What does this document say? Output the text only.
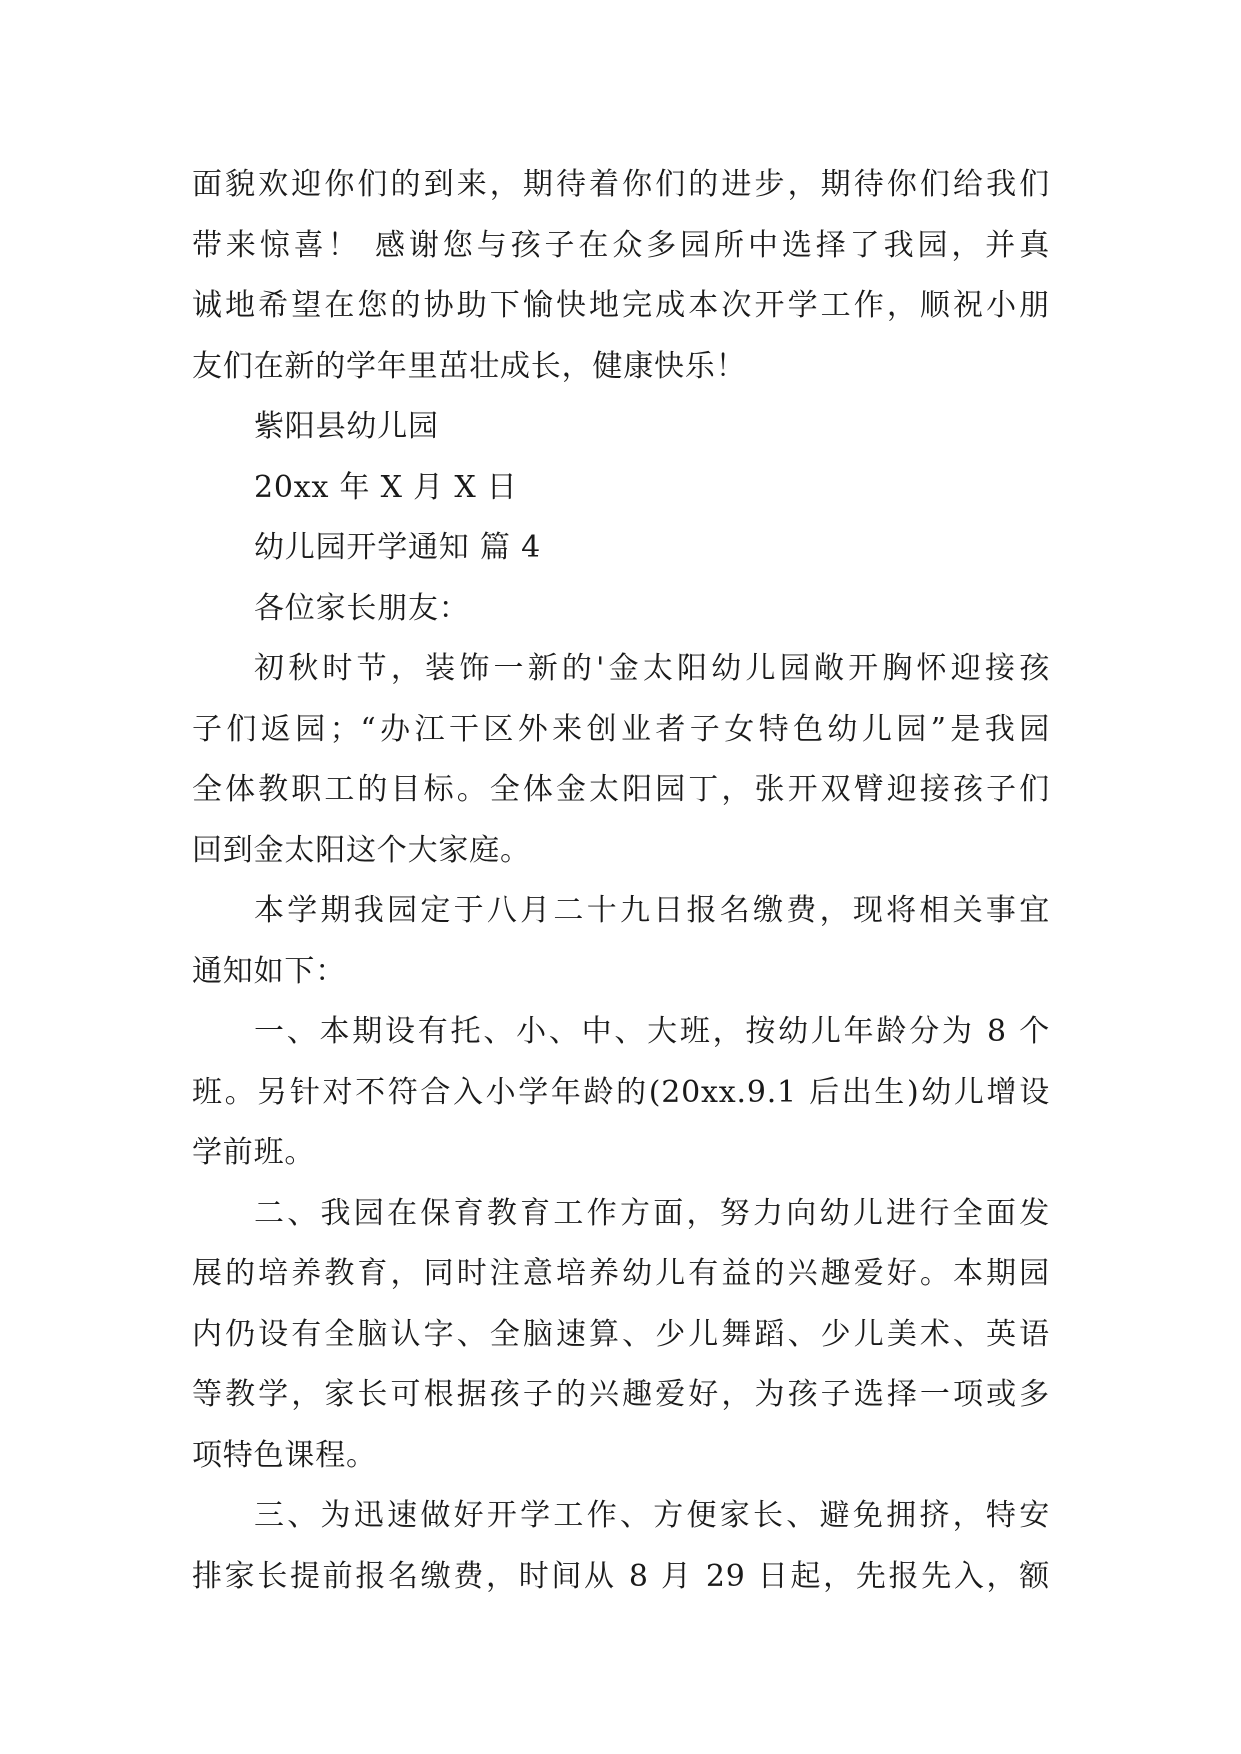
面貌欢迎你们的到来，期待着你们的进步，期待你们给我们
带来惊喜！ 感谢您与孩子在众多园所中选择了我园，并真
诚地希望在您的协助下愉快地完成本次开学工作，顺祝小朋
友们在新的学年里茁壮成长，健康快乐！
紫阳县幼儿园
20xx 年 X 月 X 日
幼儿园开学通知 篇 4
各位家长朋友：
初秋时节，装饰一新的'金太阳幼儿园敞开胸怀迎接孩
子们返园；“办江干区外来创业者子女特色幼儿园”是我园
全体教职工的目标。全体金太阳园丁，张开双臂迎接孩子们
回到金太阳这个大家庭。
本学期我园定于八月二十九日报名缴费，现将相关事宜
通知如下：
一、本期设有托、小、中、大班，按幼儿年龄分为 8 个
班。另针对不符合入小学年龄的(20xx.9.1 后出生)幼儿增设
学前班。
二、我园在保育教育工作方面，努力向幼儿进行全面发
展的培养教育，同时注意培养幼儿有益的兴趣爱好。本期园
内仍设有全脑认字、全脑速算、少儿舞蹈、少儿美术、英语
等教学，家长可根据孩子的兴趣爱好，为孩子选择一项或多
项特色课程。
三、为迅速做好开学工作、方便家长、避免拥挤，特安
排家长提前报名缴费，时间从 8 月 29 日起，先报先入，额
